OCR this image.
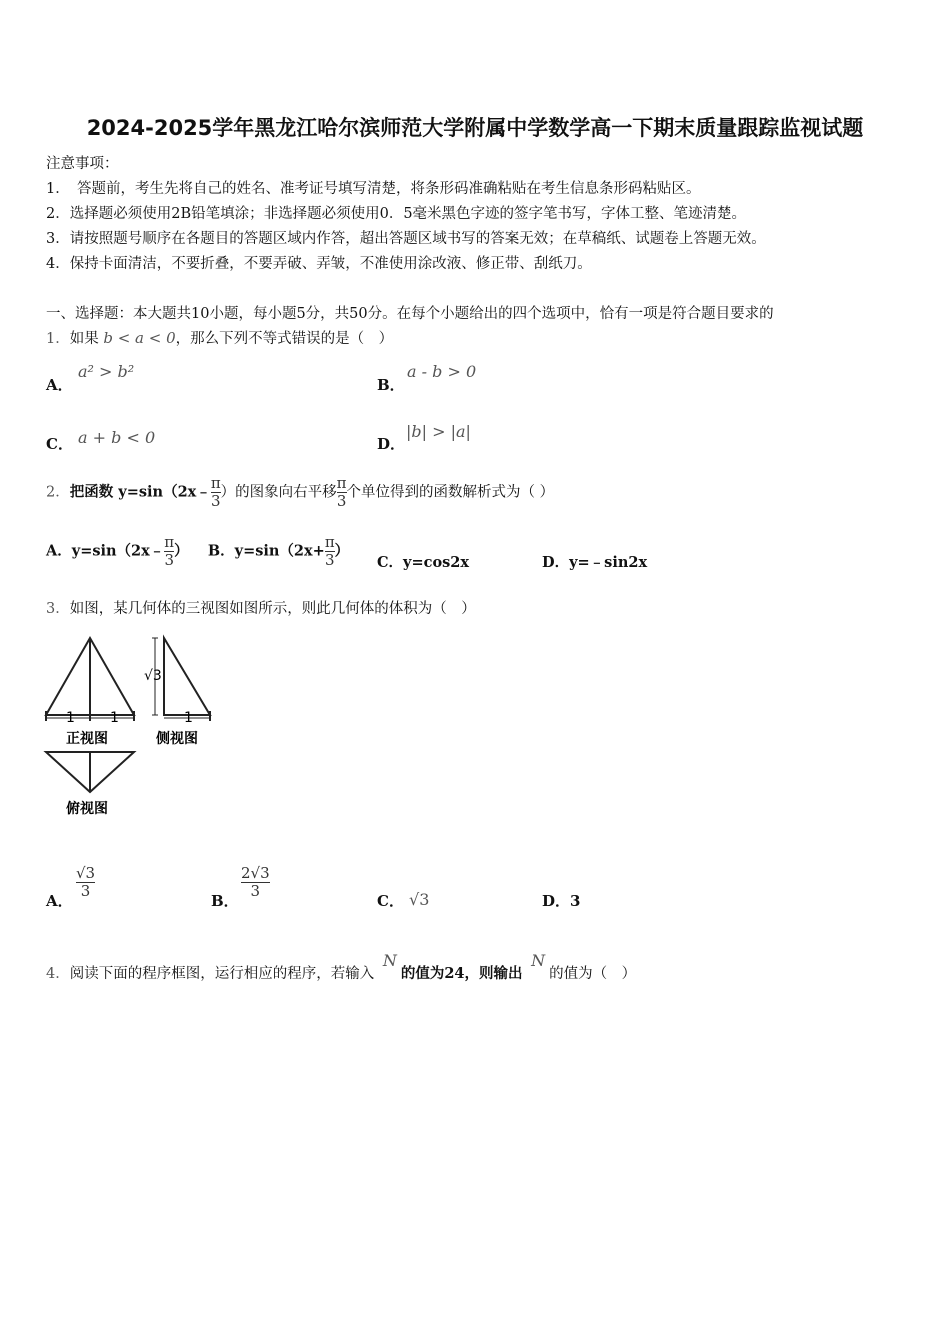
2024-2025学年黑龙江哈尔滨师范大学附属中学数学高一下期末质量跟踪监视试题
注意事项：
1．　答题前，考生先将自己的姓名、准考证号填写清楚，将条形码准确粘贴在考生信息条形码粘贴区。
2．选择题必须使用2B铅笔填涂；非选择题必须使用0．5毫米黑色字迹的签字笔书写，字体工整、笔迹清楚。
3．请按照题号顺序在各题目的答题区域内作答，超出答题区域书写的答案无效；在草稿纸、试题卷上答题无效。
4．保持卡面清洁，不要折叠，不要弄破、弄皱，不准使用涂改液、修正带、刮纸刀。
一、选择题：本大题共10小题，每小题5分，共50分。在每个小题给出的四个选项中，恰有一项是符合题目要求的
1．如果 b < a < 0，那么下列不等式错误的是（　）
A．
a² > b²
B．
a - b > 0
C． a + b < 0	D．
|b| > |a|
2．把函数 y=sin（2x﹣ $\frac{\pi}{3}$ ）的图象向右平移 $\frac{\pi}{3}$ 个单位得到的函数解析式为（ ）
A．y=sin（2x﹣ $\frac{\pi}{3}$ ） B．$y=\sin(2x+ \frac{\pi}{3}$ ）
C．y=cos2x	D．y=﹣sin2x
3．如图，某几何体的三视图如图所示，则此几何体的体积为（　）
1	1
正视图
√3
1
侧视图
俯视图
A．
$\frac{√3}{3}$
B．
$\frac{2√3}{3}$
C． √3	D．3
4．阅读下面的程序框图，运行相应的程序，若输入 N的值为24，则输出 N的值为（　）
